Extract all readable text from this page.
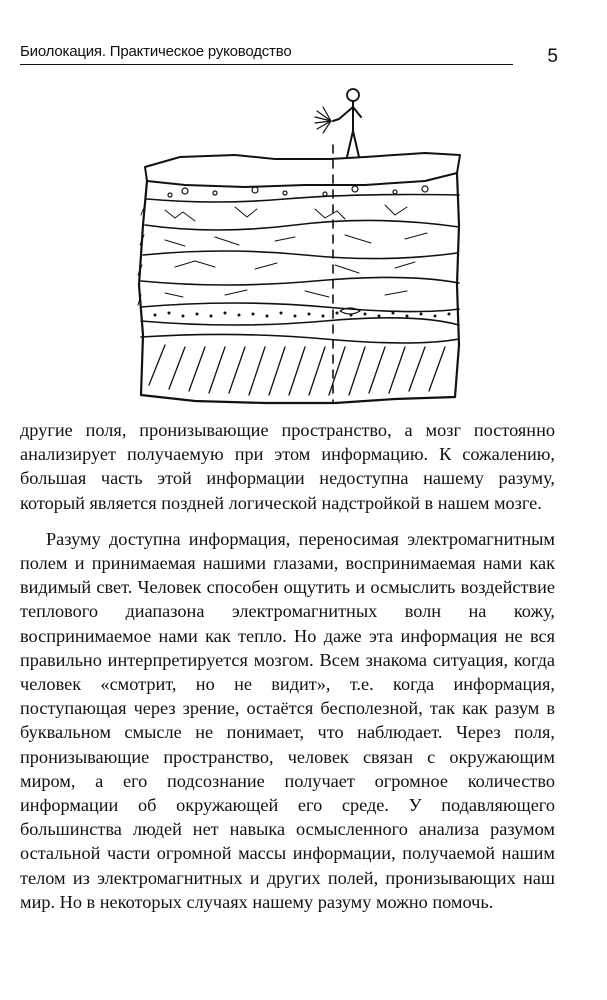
Биолокация. Практическое руководство	5

другие поля, пронизывающие пространство, а мозг постоянно анализирует получаемую при этом информацию. К сожалению, большая часть этой информации недоступна нашему разуму, который является поздней логической надстройкой в нашем мозге.

Разуму доступна информация, переносимая электромагнитным полем и принимаемая нашими глазами, воспринимаемая нами как видимый свет. Человек способен ощутить и осмыслить воздействие теплового диапазона электромагнитных волн на кожу, воспринимаемое нами как тепло. Но даже эта информация не вся правильно интерпретируется мозгом. Всем знакома ситуация, когда человек «смотрит, но не видит», т.е. когда информация, поступающая через зрение, остаётся бесполезной, так как разум в буквальном смысле не понимает, что наблюдает. Через поля, пронизывающие пространство, человек связан с окружающим миром, а его подсознание получает огромное количество информации об окружающей его среде. У подавляющего большинства людей нет навыка осмысленного анализа разумом остальной части огромной массы информации, получаемой нашим телом из электромагнитных и других полей, пронизывающих наш мир. Но в некоторых случаях нашему разуму можно помочь.
